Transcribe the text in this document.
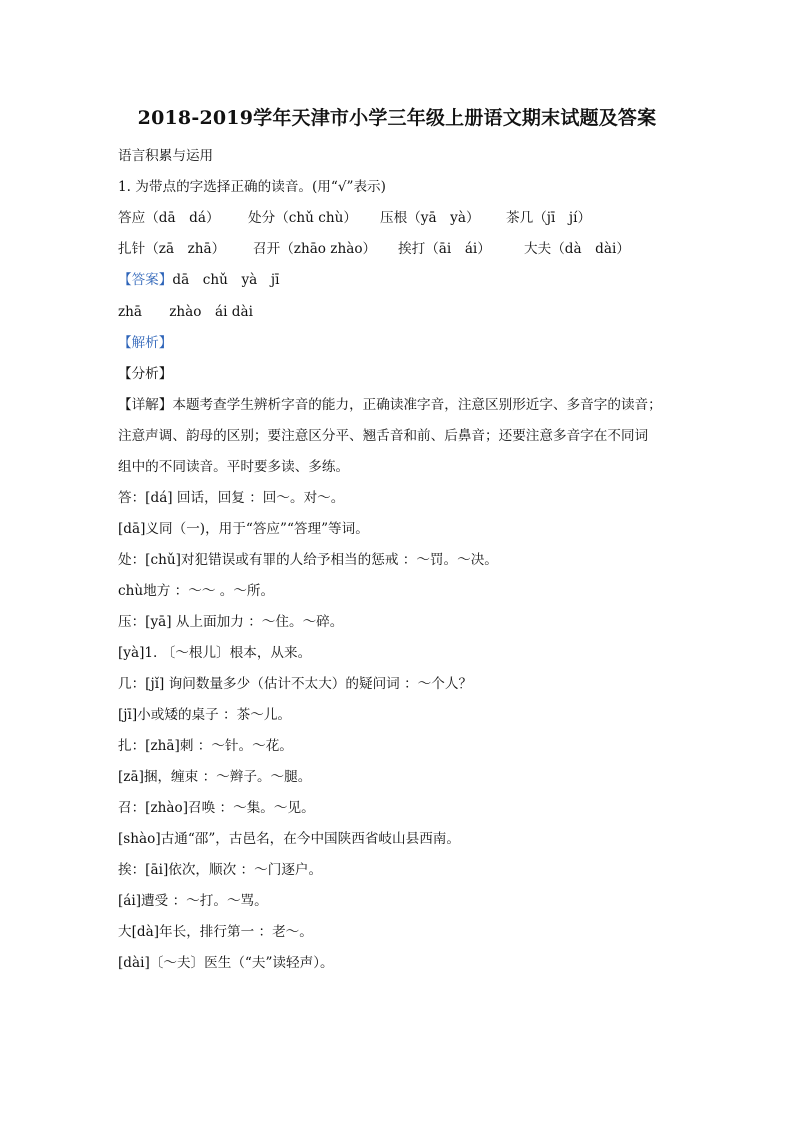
2018-2019学年天津市小学三年级上册语文期末试题及答案
语言积累与运用
1. 为带点的字选择正确的读音。(用“√”表示)
答应（dā　dá） 处分（chǔ chù） 压根（yā　yà） 茶几（jī　jí）
扎针（zā　zhā） 召开（zhāo zhào） 挨打（āi　ái） 大夫（dà　dài）
【答案】dā　chǔ　yà　jī
zhā　　zhào　ái dài
【解析】
【分析】
【详解】本题考查学生辨析字音的能力，正确读准字音，注意区别形近字、多音字的读音；
注意声调、韵母的区别；要注意区分平、翘舌音和前、后鼻音；还要注意多音字在不同词
组中的不同读音。平时要多读、多练。
答：[dá] 回话，回复 ：回～。对～。
[dā]义同（一)，用于“答应”“答理”等词。
处：[chǔ]对犯错误或有罪的人给予相当的惩戒 ：～罚。～决。
chù地方 ：～～ 。～所。
压：[yā] 从上面加力 ：～住。～碎。
[yà]1. 〔～根儿〕根本，从来。
几：[jǐ] 询问数量多少（估计不太大）的疑问词 ：～个人？
[jī]小或矮的桌子 ：茶～儿。
扎：[zhā]刺 ：～针。～花。
[zā]捆，缠束 ：～辫子。～腿。
召：[zhào]召唤 ：～集。～见。
[shào]古通“邵”，古邑名，在今中国陕西省岐山县西南。
挨：[āi]依次，顺次 ：～门逐户。
[ái]遭受 ：～打。～骂。
大[dà]年长，排行第一 ：老～。
[dài]〔～夫〕医生（“夫”读轻声）。
